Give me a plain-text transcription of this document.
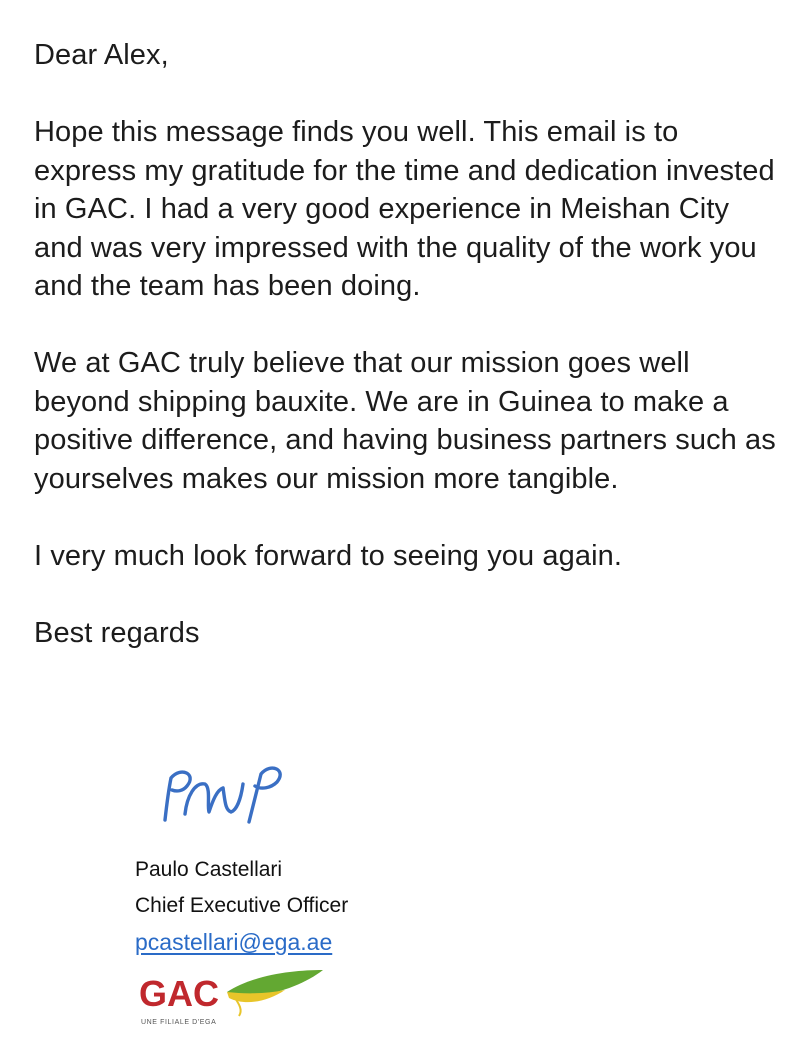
Dear Alex,

Hope this message finds you well. This email is to express my gratitude for the time and dedication invested in GAC. I had a very good experience in Meishan City and was very impressed with the quality of the work you and the team has been doing.

We at GAC truly believe that our mission goes well beyond shipping bauxite. We are in Guinea to make a positive difference, and having business partners such as yourselves makes our mission more tangible.

I very much look forward to seeing you again.

Best regards

Paulo Castellari
Chief Executive Officer
pcastellari@ega.ae
GAC
UNE FILIALE D'EGA
